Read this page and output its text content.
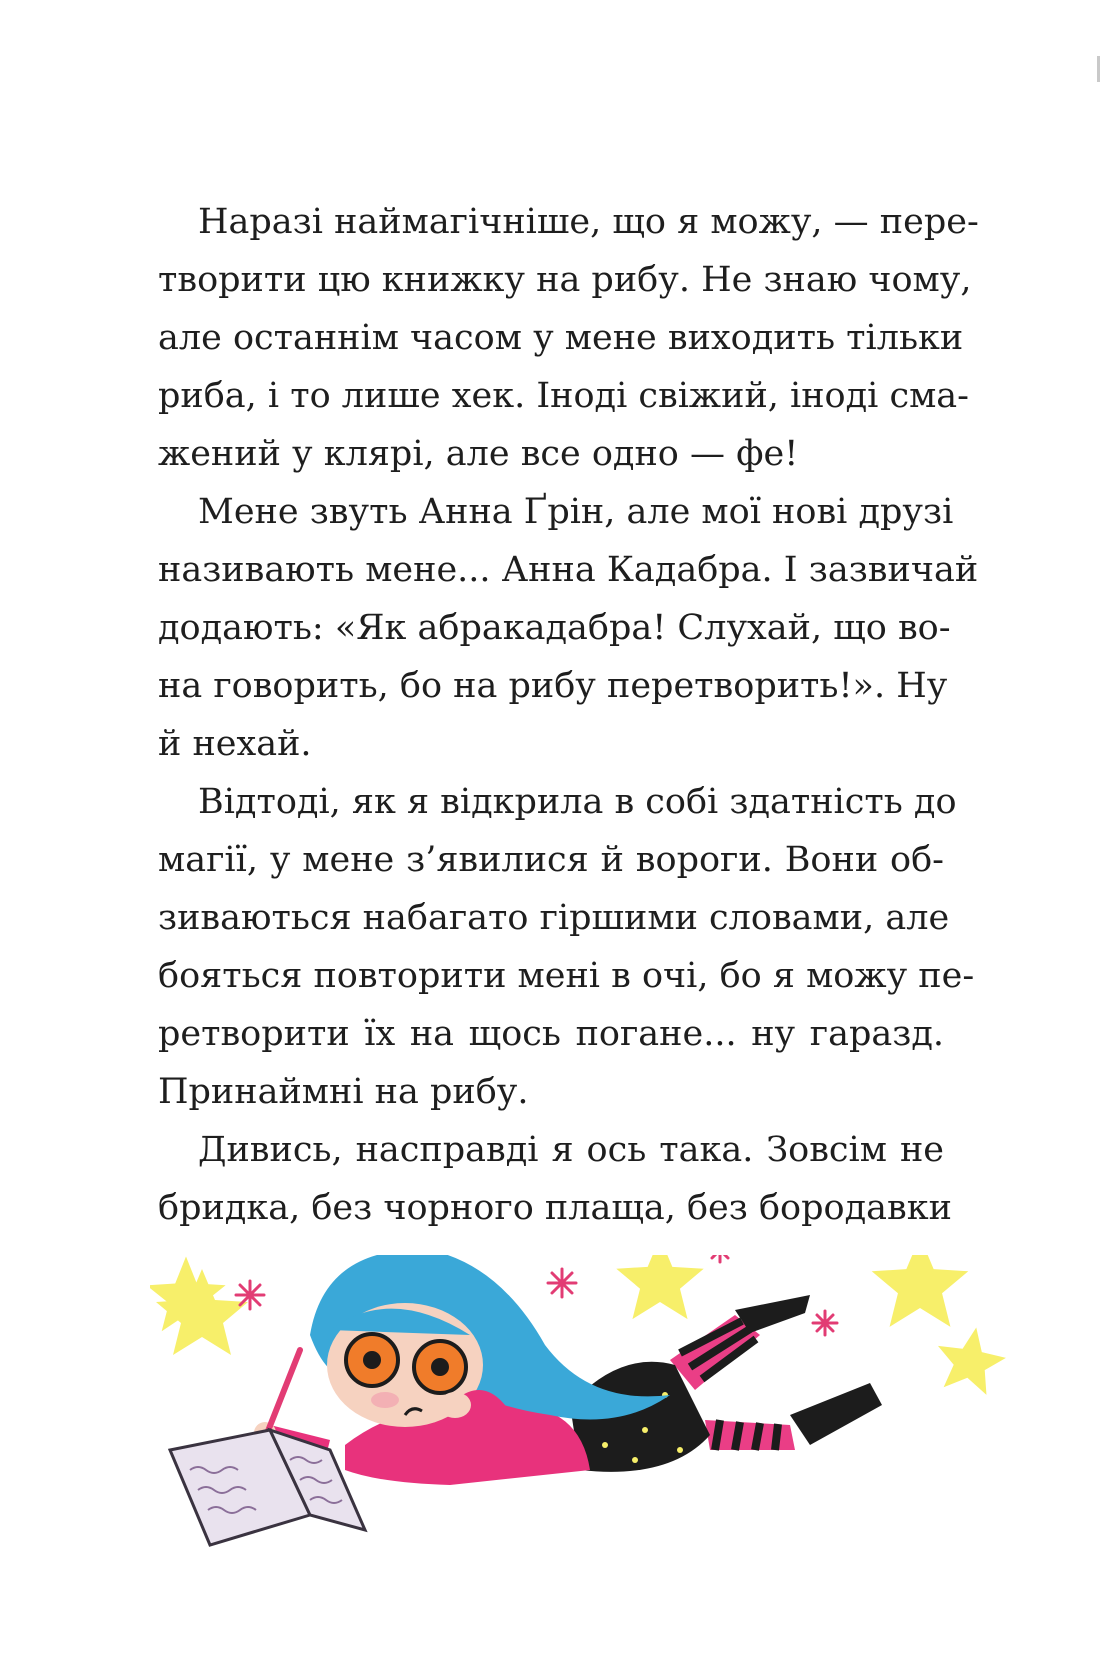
Наразі наймагічніше, що я можу, — пере-
творити цю книжку на рибу. Не знаю чому,
але останнім часом у мене виходить тільки
риба, і то лише хек. Іноді свіжий, іноді сма-
жений у клярі, але все одно — фе!
Мене звуть Анна Ґрін, але мої нові друзі
називають мене... Анна Кадабра. І зазвичай
додають: «Як абракадабра! Слухай, що во-
на говорить, бо на рибу перетворить!». Ну
й нехай.
Відтоді, як я відкрила в собі здатність до
магії, у мене з’явилися й вороги. Вони об-
зиваються набагато гіршими словами, але
бояться повторити мені в очі, бо я можу пе-
ретворити їх на щось погане... ну гаразд.
Принаймні на рибу.
Дивись, насправді я ось така. Зовсім не
бридка, без чорного плаща, без бородавки
